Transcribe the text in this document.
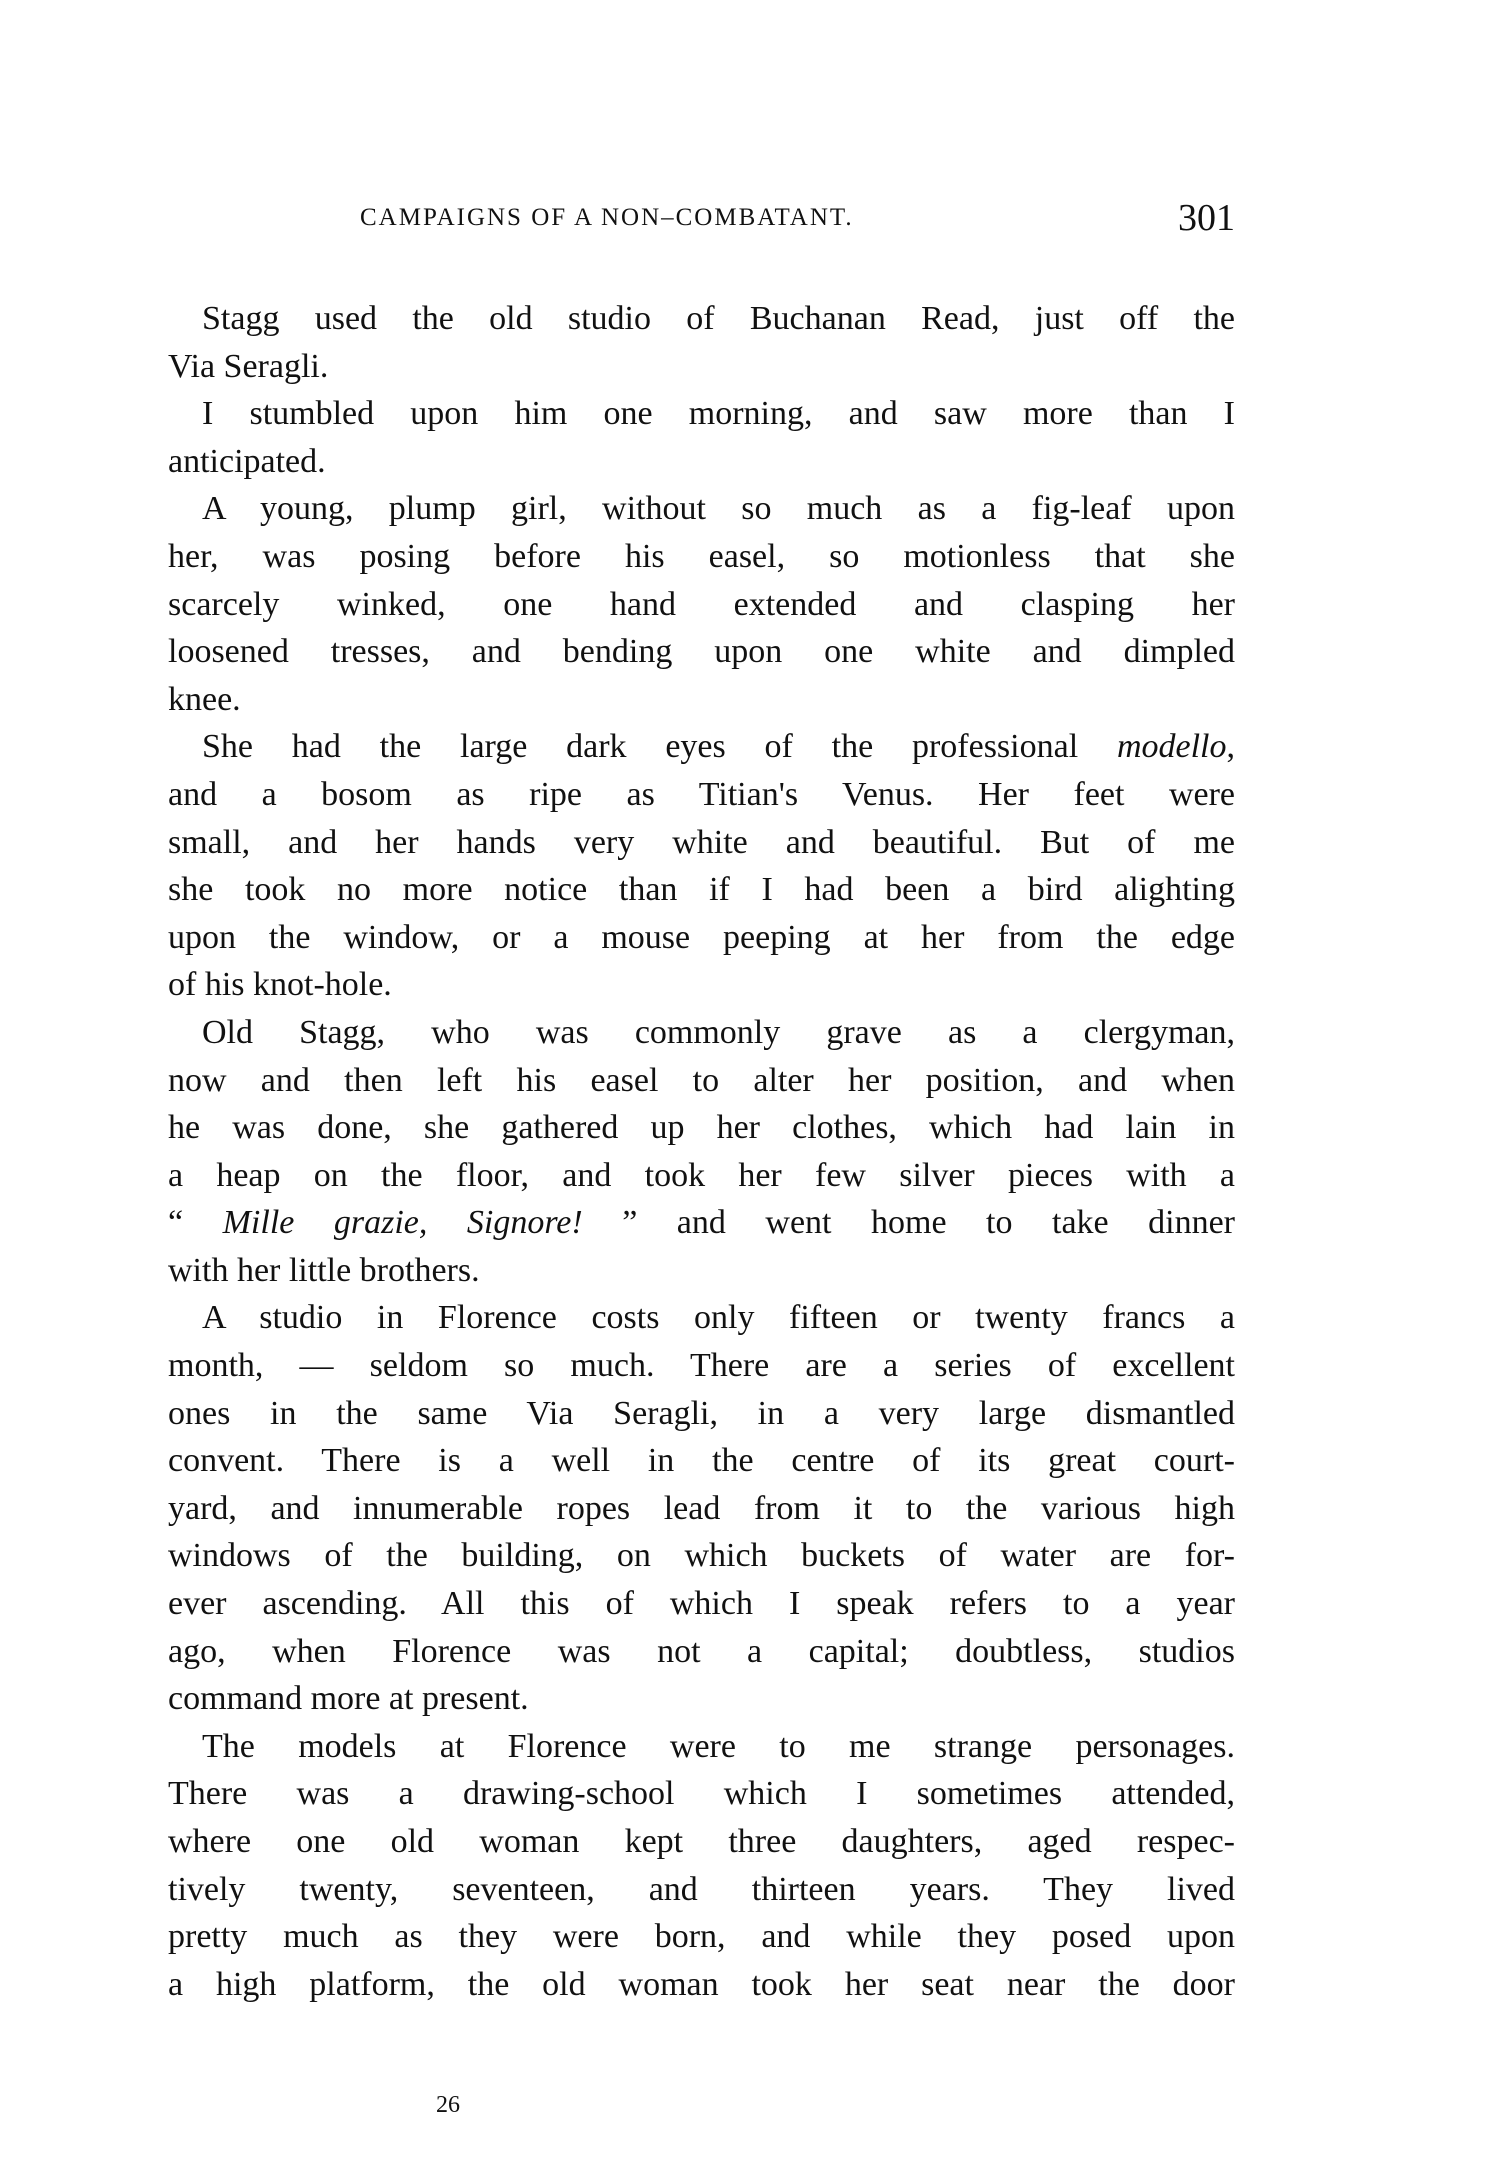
CAMPAIGNS OF A NON–COMBATANT.	301
Stagg used the old studio of Buchanan Read, just off the
Via Seragli.
I stumbled upon him one morning, and saw more than I
anticipated.
A young, plump girl, without so much as a fig-leaf upon
her, was posing before his easel, so motionless that she
scarcely winked, one hand extended and clasping her
loosened tresses, and bending upon one white and dimpled
knee.
She had the large dark eyes of the professional modello,
and a bosom as ripe as Titian's Venus. Her feet were
small, and her hands very white and beautiful. But of me
she took no more notice than if I had been a bird alighting
upon the window, or a mouse peeping at her from the edge
of his knot-hole.
Old Stagg, who was commonly grave as a clergyman,
now and then left his easel to alter her position, and when
he was done, she gathered up her clothes, which had lain in
a heap on the floor, and took her few silver pieces with a
“ Mille grazie, Signore! ” and went home to take dinner
with her little brothers.
A studio in Florence costs only fifteen or twenty francs a
month, — seldom so much. There are a series of excellent
ones in the same Via Seragli, in a very large dismantled
convent. There is a well in the centre of its great court-
yard, and innumerable ropes lead from it to the various high
windows of the building, on which buckets of water are for-
ever ascending. All this of which I speak refers to a year
ago, when Florence was not a capital; doubtless, studios
command more at present.
The models at Florence were to me strange personages.
There was a drawing-school which I sometimes attended,
where one old woman kept three daughters, aged respec-
tively twenty, seventeen, and thirteen years. They lived
pretty much as they were born, and while they posed upon
a high platform, the old woman took her seat near the door
26
